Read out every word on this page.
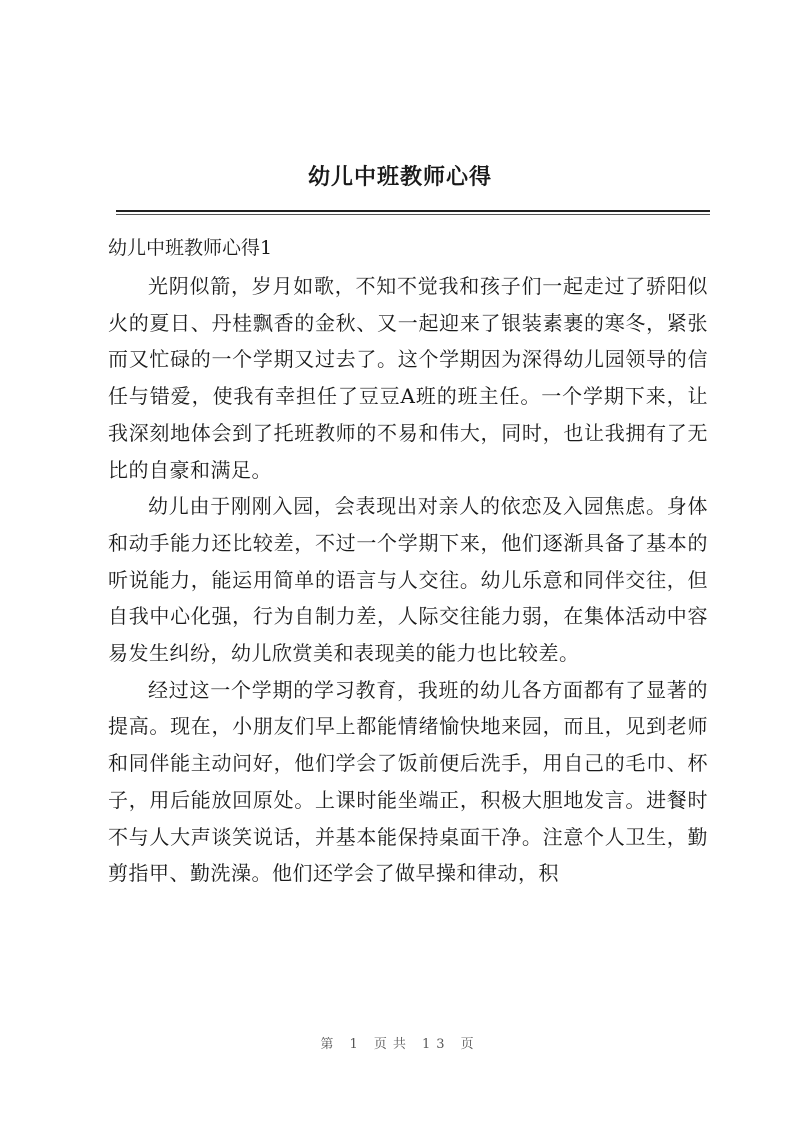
幼儿中班教师心得

幼儿中班教师心得1

光阴似箭，岁月如歌，不知不觉我和孩子们一起走过了骄阳似火的夏日、丹桂飘香的金秋、又一起迎来了银装素裹的寒冬，紧张而又忙碌的一个学期又过去了。这个学期因为深得幼儿园领导的信任与错爱，使我有幸担任了豆豆A班的班主任。一个学期下来，让我深刻地体会到了托班教师的不易和伟大，同时，也让我拥有了无比的自豪和满足。

幼儿由于刚刚入园，会表现出对亲人的依恋及入园焦虑。身体和动手能力还比较差，不过一个学期下来，他们逐渐具备了基本的听说能力，能运用简单的语言与人交往。幼儿乐意和同伴交往，但自我中心化强，行为自制力差，人际交往能力弱，在集体活动中容易发生纠纷，幼儿欣赏美和表现美的能力也比较差。

经过这一个学期的学习教育，我班的幼儿各方面都有了显著的提高。现在，小朋友们早上都能情绪愉快地来园，而且，见到老师和同伴能主动问好，他们学会了饭前便后洗手，用自己的毛巾、杯子，用后能放回原处。上课时能坐端正，积极大胆地发言。进餐时不与人大声谈笑说话，并基本能保持桌面干净。注意个人卫生，勤剪指甲、勤洗澡。他们还学会了做早操和律动，积

第 1 页共 13 页
